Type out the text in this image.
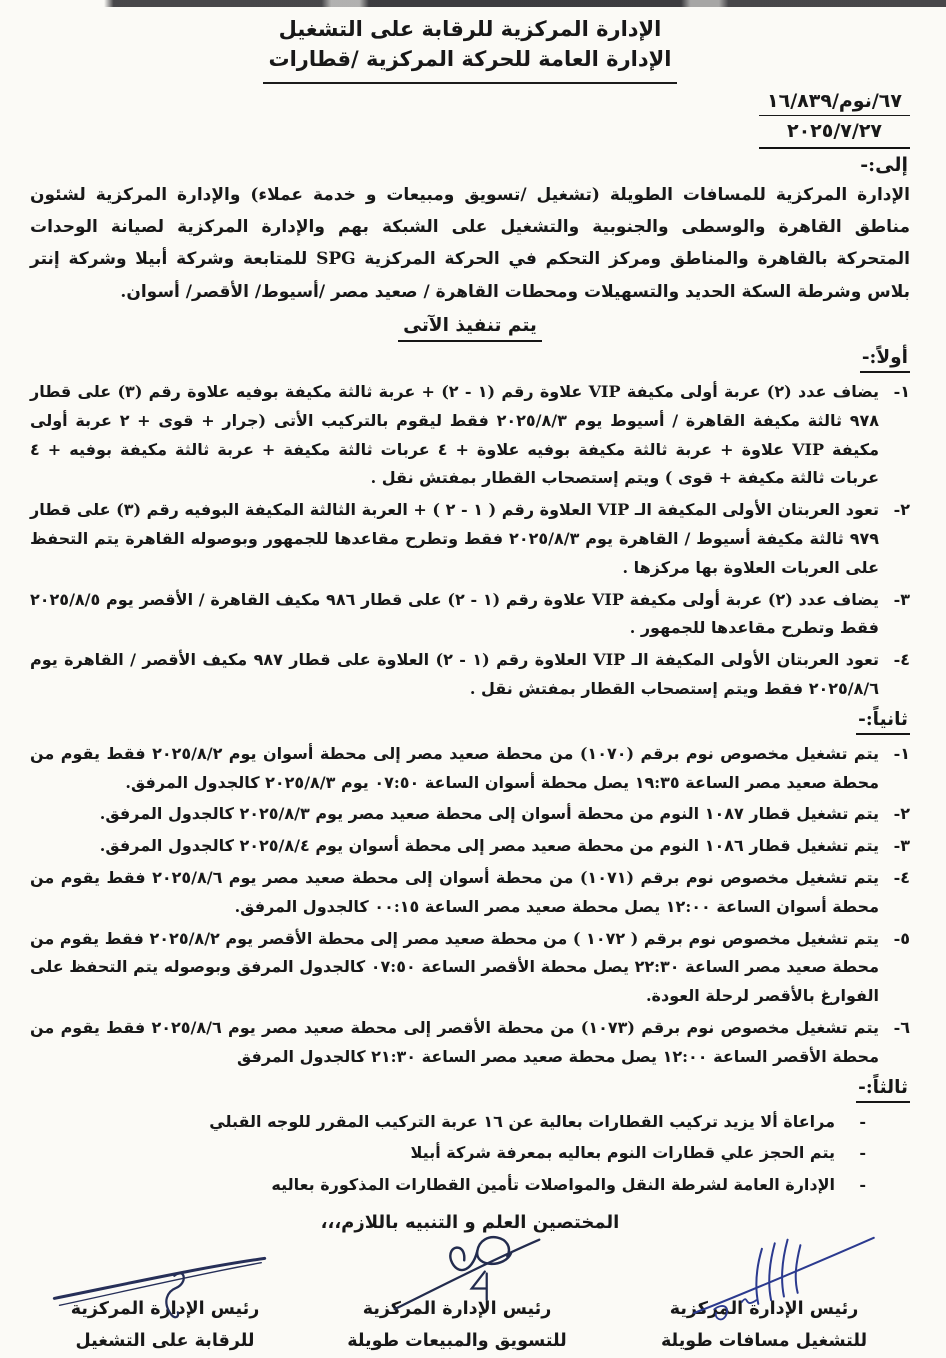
الإدارة المركزية للرقابة على التشغيل
الإدارة العامة للحركة المركزية /قطارات
٦٧/نوم/١٦/٨٣٩
٢٠٢٥/٧/٢٧
إلى:-

الإدارة المركزية للمسافات الطويلة (تشغيل /تسويق ومبيعات و خدمة عملاء) والإدارة المركزية لشئون مناطق القاهرة والوسطى والجنوبية والتشغيل على الشبكة بهم والإدارة المركزية لصيانة الوحدات المتحركة بالقاهرة والمناطق ومركز التحكم في الحركة المركزية SPG للمتابعة وشركة أبيلا وشركة إنتر بلاس وشرطة السكة الحديد والتسهيلات ومحطات القاهرة / صعيد مصر /أسيوط/ الأقصر/ أسوان.

يتم تنفيذ الآتى
أولاً:-
١-
يضاف عدد (٢) عربة أولى مكيفة VIP علاوة رقم (١ - ٢) + عربة ثالثة مكيفة بوفيه علاوة رقم (٣) على قطار ٩٧٨ ثالثة مكيفة القاهرة / أسيوط يوم ٢٠٢٥/٨/٣ فقط ليقوم بالتركيب الأتى (جرار + قوى + ٢ عربة أولى مكيفة VIP علاوة + عربة ثالثة مكيفة بوفيه علاوة + ٤ عربات ثالثة مكيفة + عربة ثالثة مكيفة بوفيه + ٤ عربات ثالثة مكيفة + قوى ) ويتم إستصحاب القطار بمفتش نقل .
٢-
تعود العربتان الأولى المكيفة الـ VIP العلاوة رقم ( ١ - ٢ ) + العربة الثالثة المكيفة البوفيه رقم (٣) على قطار ٩٧٩ ثالثة مكيفة أسيوط / القاهرة يوم ٢٠٢٥/٨/٣ فقط وتطرح مقاعدها للجمهور وبوصوله القاهرة يتم التحفظ على العربات العلاوة بها مركزها .
٣-
يضاف عدد (٢) عربة أولى مكيفة VIP علاوة رقم (١ - ٢) على قطار ٩٨٦ مكيف القاهرة / الأقصر يوم ٢٠٢٥/٨/٥ فقط وتطرح مقاعدها للجمهور .
٤-
تعود العربتان الأولى المكيفة الـ VIP العلاوة رقم (١ - ٢) العلاوة على قطار ٩٨٧ مكيف الأقصر / القاهرة يوم ٢٠٢٥/٨/٦ فقط ويتم إستصحاب القطار بمفتش نقل .
ثانياً:-
١-
يتم تشغيل مخصوص نوم برقم (١٠٧٠) من محطة صعيد مصر إلى محطة أسوان يوم ٢٠٢٥/٨/٢ فقط يقوم من محطة صعيد مصر الساعة ١٩:٣٥ يصل محطة أسوان الساعة ٠٧:٥٠ يوم ٢٠٢٥/٨/٣ كالجدول المرفق.
٢-
يتم تشغيل قطار ١٠٨٧ النوم من محطة أسوان إلى محطة صعيد مصر يوم ٢٠٢٥/٨/٣ كالجدول المرفق.
٣-
يتم تشغيل قطار ١٠٨٦ النوم من محطة صعيد مصر إلى محطة أسوان يوم ٢٠٢٥/٨/٤ كالجدول المرفق.
٤-
يتم تشغيل مخصوص نوم برقم (١٠٧١) من محطة أسوان إلى محطة صعيد مصر يوم ٢٠٢٥/٨/٦ فقط يقوم من محطة أسوان الساعة ١٢:٠٠ يصل محطة صعيد مصر الساعة ٠٠:١٥ كالجدول المرفق.
٥-
يتم تشغيل مخصوص نوم برقم ( ١٠٧٢ ) من محطة صعيد مصر إلى محطة الأقصر يوم ٢٠٢٥/٨/٢ فقط يقوم من محطة صعيد مصر الساعة ٢٢:٣٠ يصل محطة الأقصر الساعة ٠٧:٥٠ كالجدول المرفق وبوصوله يتم التحفظ على الفوارغ بالأقصر لرحلة العودة.
٦-
يتم تشغيل مخصوص نوم برقم (١٠٧٣) من محطة الأقصر إلى محطة صعيد مصر يوم ٢٠٢٥/٨/٦ فقط يقوم من محطة الأقصر الساعة ١٢:٠٠ يصل محطة صعيد مصر الساعة ٢١:٣٠ كالجدول المرفق
ثالثاً:-
-
مراعاة ألا يزيد تركيب القطارات بعالية عن ١٦ عربة التركيب المقرر للوجه القبلي
-
يتم الحجز علي قطارات النوم بعاليه بمعرفة شركة أبيلا
-
الإدارة العامة لشرطة النقل والمواصلات تأمين القطارات المذكورة بعاليه
المختصين العلم و التنبيه باللازم،،،
رئيس الإدارة المركزية
للتشغيل مسافات طويلة
رئيس الإدارة المركزية
للتسويق والمبيعات طويلة
رئيس الإدارة المركزية
للرقابة على التشغيل
